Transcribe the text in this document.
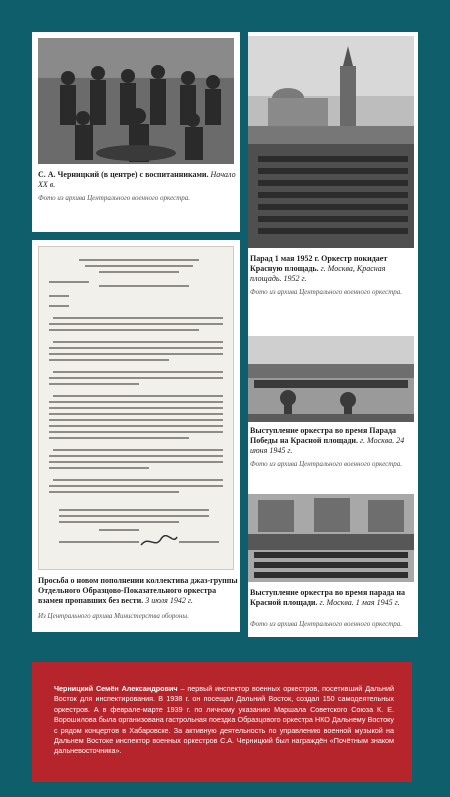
С. А. Черницкий (в центре) с воспитанниками. Начало XX в.
Фото из архива Центрального военного оркестра.
Просьба о новом пополнении коллектива джаз-группы Отдельного Образцово-Показательного оркестра взамен пропавших без вести. 3 июля 1942 г.
Из Центрального архива Министерства обороны.
Парад 1 мая 1952 г. Оркестр покидает Красную площадь. г. Москва, Красная площадь. 1952 г.
Фото из архива Центрального военного оркестра.
Выступление оркестра во время Парада Победы на Красной площади. г. Москва. 24 июня 1945 г.
Фото из архива Центрального военного оркестра.
Выступление оркестра во время парада на Красной площади. г. Москва. 1 мая 1945 г.
Фото из архива Центрального военного оркестра.
Черницкий Семён Александрович – первый инспектор военных оркестров, посетивший Дальний Восток для инспектирования. В 1938 г. он посещал Дальний Восток, создал 150 самодеятельных оркестров. А в феврале-марте 1939 г. по личному указанию Маршала Советского Союза К. Е. Ворошилова была организована гастрольная поездка Образцового оркестра НКО Дальнему Востоку с рядом концертов в Хабаровске. За активную деятельность по управлению военной музыкой на Дальнем Востоке инспектор военных оркестров С.А. Черницкий был награждён «Почётным знаком дальневосточника».
